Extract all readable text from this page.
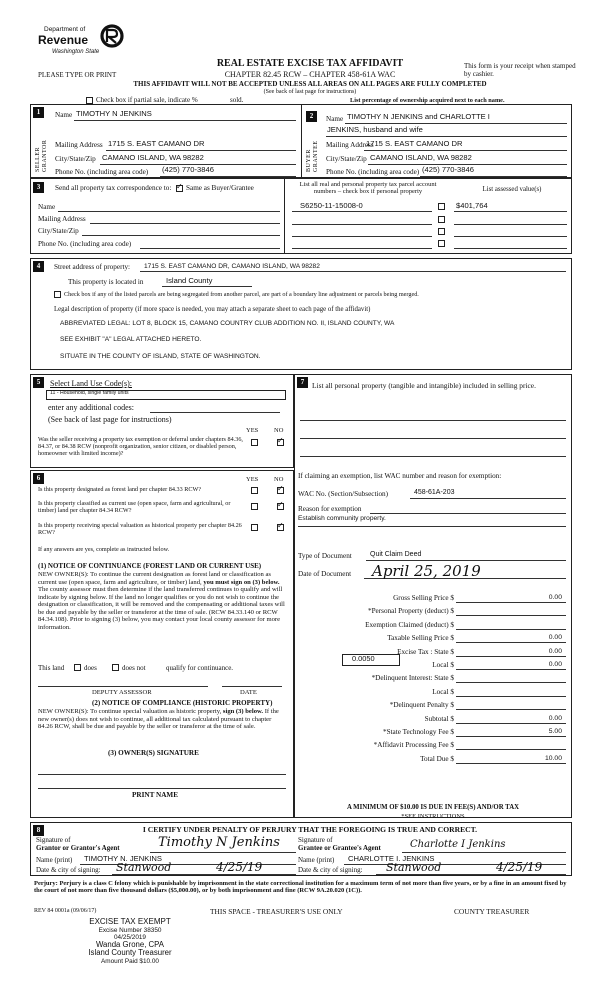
Department of
Revenue
Washington State
PLEASE TYPE OR PRINT
REAL ESTATE EXCISE TAX AFFIDAVIT
CHAPTER 82.45 RCW – CHAPTER 458-61A WAC
THIS AFFIDAVIT WILL NOT BE ACCEPTED UNLESS ALL AREAS ON ALL PAGES ARE FULLY COMPLETED
(See back of last page for instructions)
This form is your receipt when stamped by cashier.
Check box if partial sale, indicate %	sold.	List percentage of ownership acquired next to each name.
1
SELLER GRANTOR
Name TIMOTHY N JENKINS
Mailing Address 1715 S. EAST CAMANO DR
City/State/Zip CAMANO ISLAND, WA 98282
Phone No. (including area code) (425) 770-3846
2
BUYER GRANTEE
Name TIMOTHY N JENKINS and CHARLOTTE I
JENKINS, husband and wife
Mailing Address
1715 S. EAST CAMANO DR
City/State/Zip CAMANO ISLAND, WA 98282
Phone No. (including area code) (425) 770-3846
3	Send all property tax correspondence to: ✓ Same as Buyer/Grantee
Name
Mailing Address
City/State/Zip
Phone No. (including area code)
List all real and personal property tax parcel account numbers – check box if personal property	List assessed value(s)
S6250-11-15008-0	$401,764
4	Street address of property: 1715 S. EAST CAMANO DR, CAMANO ISLAND, WA 98282
This property is located in	Island County
Check box if any of the listed parcels are being segregated from another parcel, are part of a boundary line adjustment or parcels being merged.
Legal description of property (if more space is needed, you may attach a separate sheet to each page of the affidavit)
ABBREVIATED LEGAL: LOT 8, BLOCK 15, CAMANO COUNTRY CLUB ADDITION NO. II, ISLAND COUNTY, WA
SEE EXHIBIT "A" LEGAL ATTACHED HERETO.
SITUATE IN THE COUNTY OF ISLAND, STATE OF WASHINGTON.
5	Select Land Use Code(s):
11 - Household, single family units
enter any additional codes:
(See back of last page for instructions)
YES NO
Was the seller receiving a property tax exemption or deferral under chapters 84.36, 84.37, or 84.38 RCW (nonprofit organization, senior citizen, or disabled person, homeowner with limited income)?
✓
6	YES NO
Is this property designated as forest land per chapter 84.33 RCW?
✓
Is this property classified as current use (open space, farm and agricultural, or timber) land per chapter 84.34 RCW?
✓
Is this property receiving special valuation as historical property per chapter 84.26 RCW?
✓
If any answers are yes, complete as instructed below.
(1) NOTICE OF CONTINUANCE (FOREST LAND OR CURRENT USE)
NEW OWNER(S): To continue the current designation as forest land or classification as current use (open space, farm and agriculture, or timber) land, you must sign on (3) below. The county assessor must then determine if the land transferred continues to qualify and will indicate by signing below. If the land no longer qualifies or you do not wish to continue the designation or classification, it will be removed and the compensating or additional taxes will be due and payable by the seller or transferor at the time of sale. (RCW 84.33.140 or RCW 84.34.108). Prior to signing (3) below, you may contact your local county assessor for more information.
This land	does	does not	qualify for continuance.
DEPUTY ASSESSOR	DATE
(2) NOTICE OF COMPLIANCE (HISTORIC PROPERTY)
NEW OWNER(S): To continue special valuation as historic property, sign (3) below. If the new owner(s) does not wish to continue, all additional tax calculated pursuant to chapter 84.26 RCW, shall be due and payable by the seller or transferor at the time of sale.
(3) OWNER(S) SIGNATURE
PRINT NAME
7	List all personal property (tangible and intangible) included in selling price.
If claiming an exemption, list WAC number and reason for exemption:
WAC No. (Section/Subsection)	458-61A-203
Reason for exemption
Establish community property.
Type of Document	Quit Claim Deed
Date of Document April 25, 2019
Gross Selling Price $	0.00
*Personal Property (deduct) $
Exemption Claimed (deduct) $
Taxable Selling Price $	0.00
Excise Tax : State $	0.00
Local $	0.00
*Delinquent Interest: State $
Local $
*Delinquent Penalty $
Subtotal $	0.00
*State Technology Fee $	5.00
*Affidavit Processing Fee $
Total Due $	10.00
0.0050
A MINIMUM OF $10.00 IS DUE IN FEE(S) AND/OR TAX
*SEE INSTRUCTIONS
8	I CERTIFY UNDER PENALTY OF PERJURY THAT THE FOREGOING IS TRUE AND CORRECT.
Signature of
Grantor or Grantor's Agent	Timothy N Jenkins
Name (print) TIMOTHY N. JENKINS
Date & city of signing: Stanwood	4/25/19
Signature of
Grantee or Grantee's Agent	Charlotte I Jenkins
Name (print) CHARLOTTE I. JENKINS
Date & city of signing: Stanwood	4/25/19
Perjury: Perjury is a class C felony which is punishable by imprisonment in the state correctional institution for a maximum term of not more than five years, or by a fine in an amount fixed by the court of not more than five thousand dollars ($5,000.00), or by both imprisonment and fine (RCW 9A.20.020 (1C)).
REV 84 0001a (09/06/17)	THIS SPACE - TREASURER'S USE ONLY	COUNTY TREASURER
EXCISE TAX EXEMPT
Excise Number 38350
04/25/2019
Wanda Grone, CPA
Island County Treasurer
Amount Paid $10.00
